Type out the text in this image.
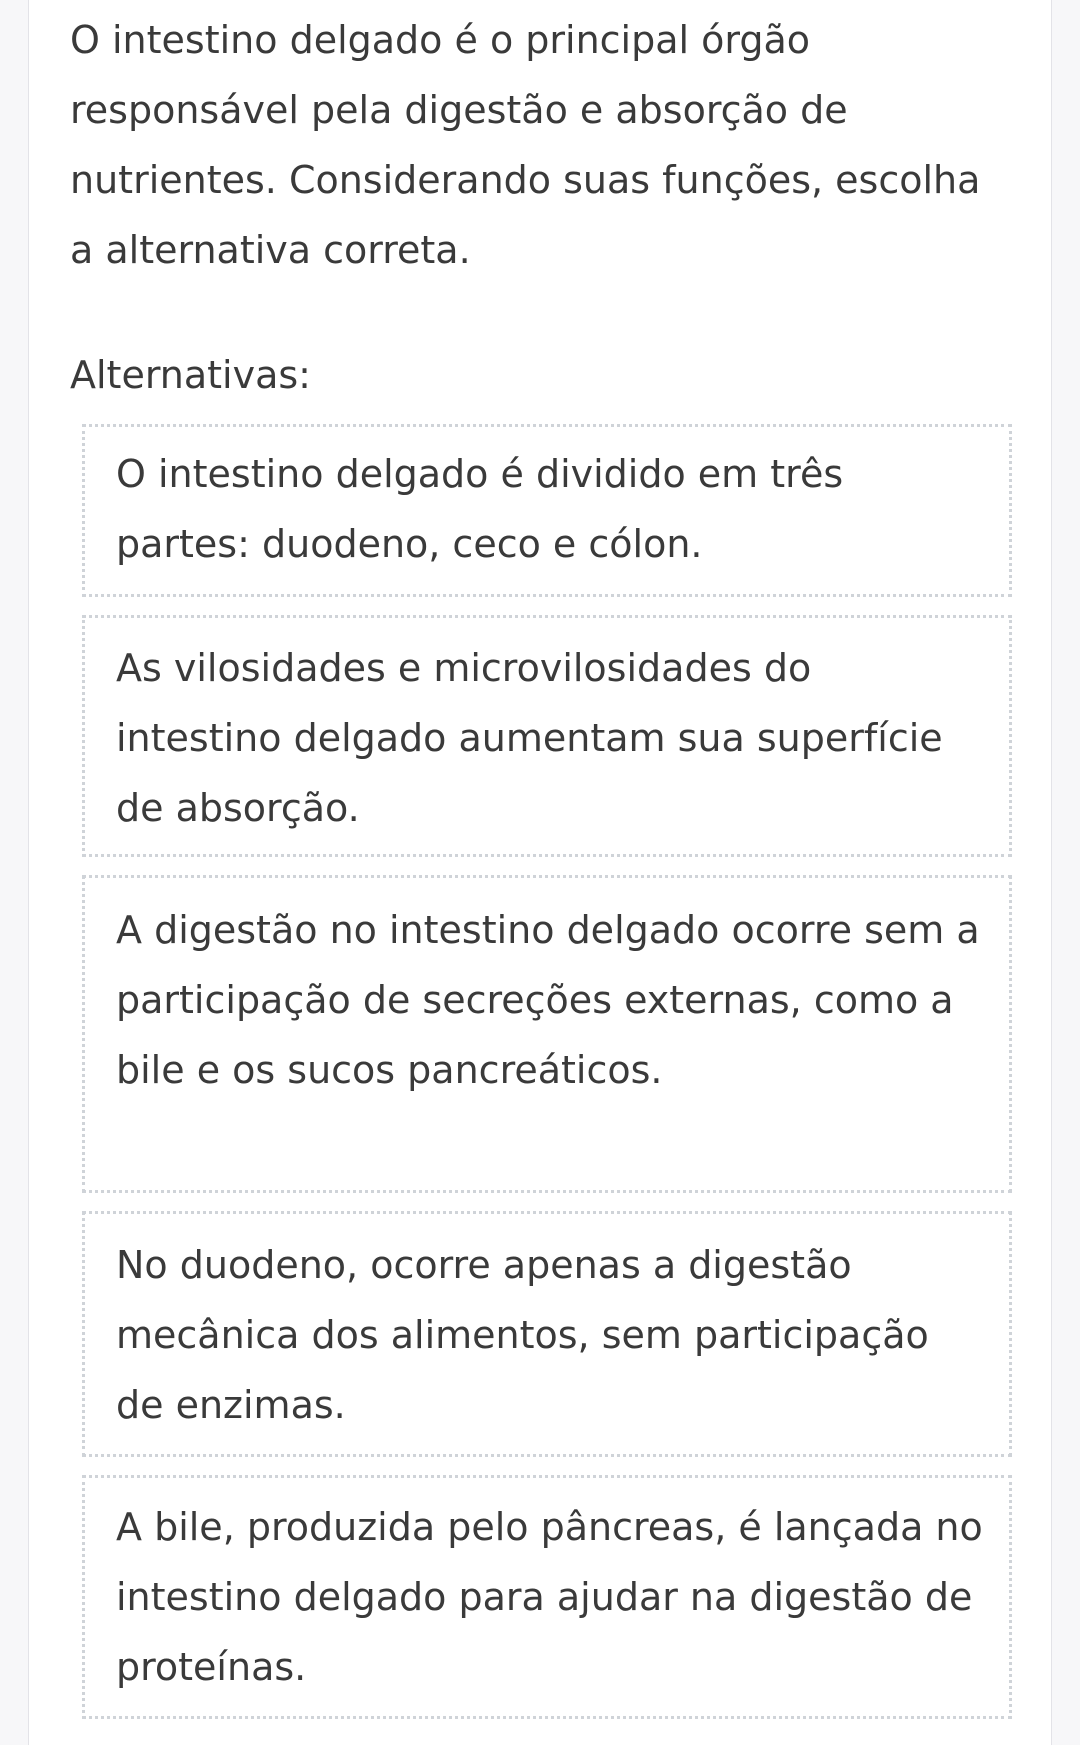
O intestino delgado é o principal órgão responsável pela digestão e absorção de nutrientes. Considerando suas funções, escolha a alternativa correta.

Alternativas:
O intestino delgado é dividido em três partes: duodeno, ceco e cólon.
As vilosidades e microvilosidades do intestino delgado aumentam sua superfície de absorção.
A digestão no intestino delgado ocorre sem a participação de secreções externas, como a bile e os sucos pancreáticos.
No duodeno, ocorre apenas a digestão mecânica dos alimentos, sem participação de enzimas.
A bile, produzida pelo pâncreas, é lançada no intestino delgado para ajudar na digestão de proteínas.
